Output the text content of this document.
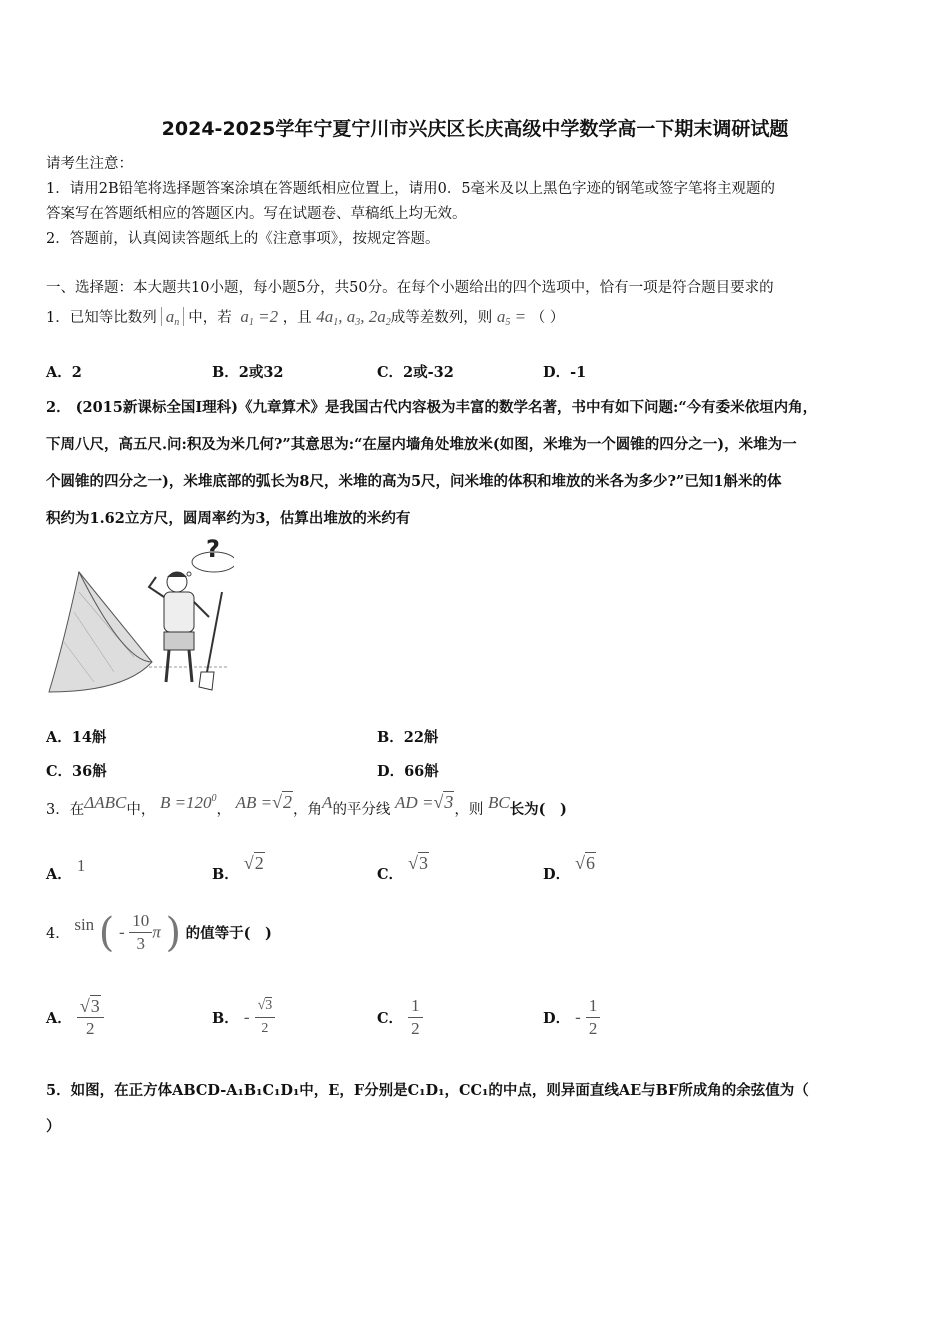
2024-2025学年宁夏宁川市兴庆区长庆高级中学数学高一下期末调研试题
请考生注意：
1．请用2B铅笔将选择题答案涂填在答题纸相应位置上，请用0．5毫米及以上黑色字迹的钢笔或签字笔将主观题的
答案写在答题纸相应的答题区内。写在试题卷、草稿纸上均无效。
2．答题前，认真阅读答题纸上的《注意事项》，按规定答题。
一、选择题：本大题共10小题，每小题5分，共50分。在每个小题给出的四个选项中，恰有一项是符合题目要求的
1．已知等比数列 $a_n$ 中，若 $a_1 =2$ ，且 $4a_1$, $a_3$, $2a_2$成等差数列，则 $a_5$ = （ ）
A．2	B．2或32	C．2或-32	D．-1
2． (2015新课标全国I理科)《九章算术》是我国古代内容极为丰富的数学名著，书中有如下问题:“今有委米依垣内角，
下周八尺，高五尺.问:积及为米几何?”其意思为:“在屋内墙角处堆放米(如图，米堆为一个圆锥的四分之一)，米堆为一
个圆锥的四分之一)，米堆底部的弧长为8尺，米堆的高为5尺，问米堆的体积和堆放的米各为多少?”已知1斛米的体
积约为1.62立方尺，圆周率约为3，估算出堆放的米约有
?
A．14斛	B．22斛
C．36斛	D．66斛
3．在ΔABC中， $B =120^0$， AB =√2，角A的平分线 AD =√3，则 BC长为(　)
A． 1	B． √2
C． √3
D． √6
4． sin ( - $\frac{10}{3}$ π ) 的值等于(　)
A． $\frac{√3}{2}$	B． - $\frac{√3}{2}$	C． $\frac{1}{2}$	D． - $\frac{1}{2}$
5．如图，在正方体ABCD-A₁B₁C₁D₁中，E，F分别是C₁D₁，CC₁的中点，则异面直线AE与BF所成角的余弦值为（
）
